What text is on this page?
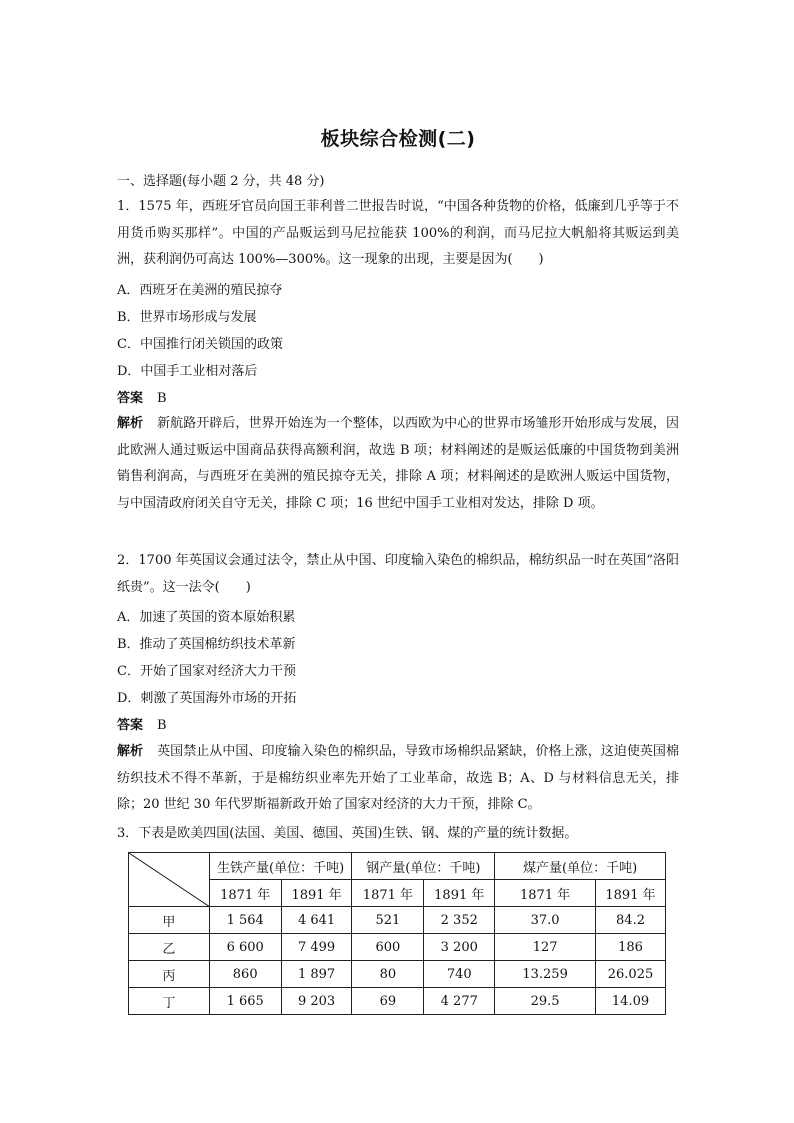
板块综合检测(二)
一、选择题(每小题 2 分，共 48 分)
1．1575 年，西班牙官员向国王菲利普二世报告时说，“中国各种货物的价格，低廉到几乎等于不用货币购买那样”。中国的产品贩运到马尼拉能获 100%的利润，而马尼拉大帆船将其贩运到美洲，获利润仍可高达 100%—300%。这一现象的出现，主要是因为(　　)
A．西班牙在美洲的殖民掠夺
B．世界市场形成与发展
C．中国推行闭关锁国的政策
D．中国手工业相对落后
答案 B
解析 新航路开辟后，世界开始连为一个整体，以西欧为中心的世界市场雏形开始形成与发展，因此欧洲人通过贩运中国商品获得高额利润，故选 B 项；材料阐述的是贩运低廉的中国货物到美洲销售利润高，与西班牙在美洲的殖民掠夺无关，排除 A 项；材料阐述的是欧洲人贩运中国货物，与中国清政府闭关自守无关，排除 C 项；16 世纪中国手工业相对发达，排除 D 项。
2．1700 年英国议会通过法令，禁止从中国、印度输入染色的棉织品，棉纺织品一时在英国“洛阳纸贵”。这一法令(　　)
A．加速了英国的资本原始积累
B．推动了英国棉纺织技术革新
C．开始了国家对经济大力干预
D．刺激了英国海外市场的开拓
答案 B
解析 英国禁止从中国、印度输入染色的棉织品，导致市场棉织品紧缺，价格上涨，这迫使英国棉纺织技术不得不革新，于是棉纺织业率先开始了工业革命，故选 B；A、D 与材料信息无关，排除；20 世纪 30 年代罗斯福新政开始了国家对经济的大力干预，排除 C。
3．下表是欧美四国(法国、美国、德国、英国)生铁、钢、煤的产量的统计数据。
	生铁产量(单位：千吨)		钢产量(单位：千吨)		煤产量(单位：千吨)	
	1871 年	1891 年	1871 年	1891 年	1871 年	1891 年
甲	1 564	4 641	521	2 352	37.0	84.2
乙	6 600	7 499	600	3 200	127	186
丙	860	1 897	80	740	13.259	26.025
丁	1 665	9 203	69	4 277	29.5	14.09
